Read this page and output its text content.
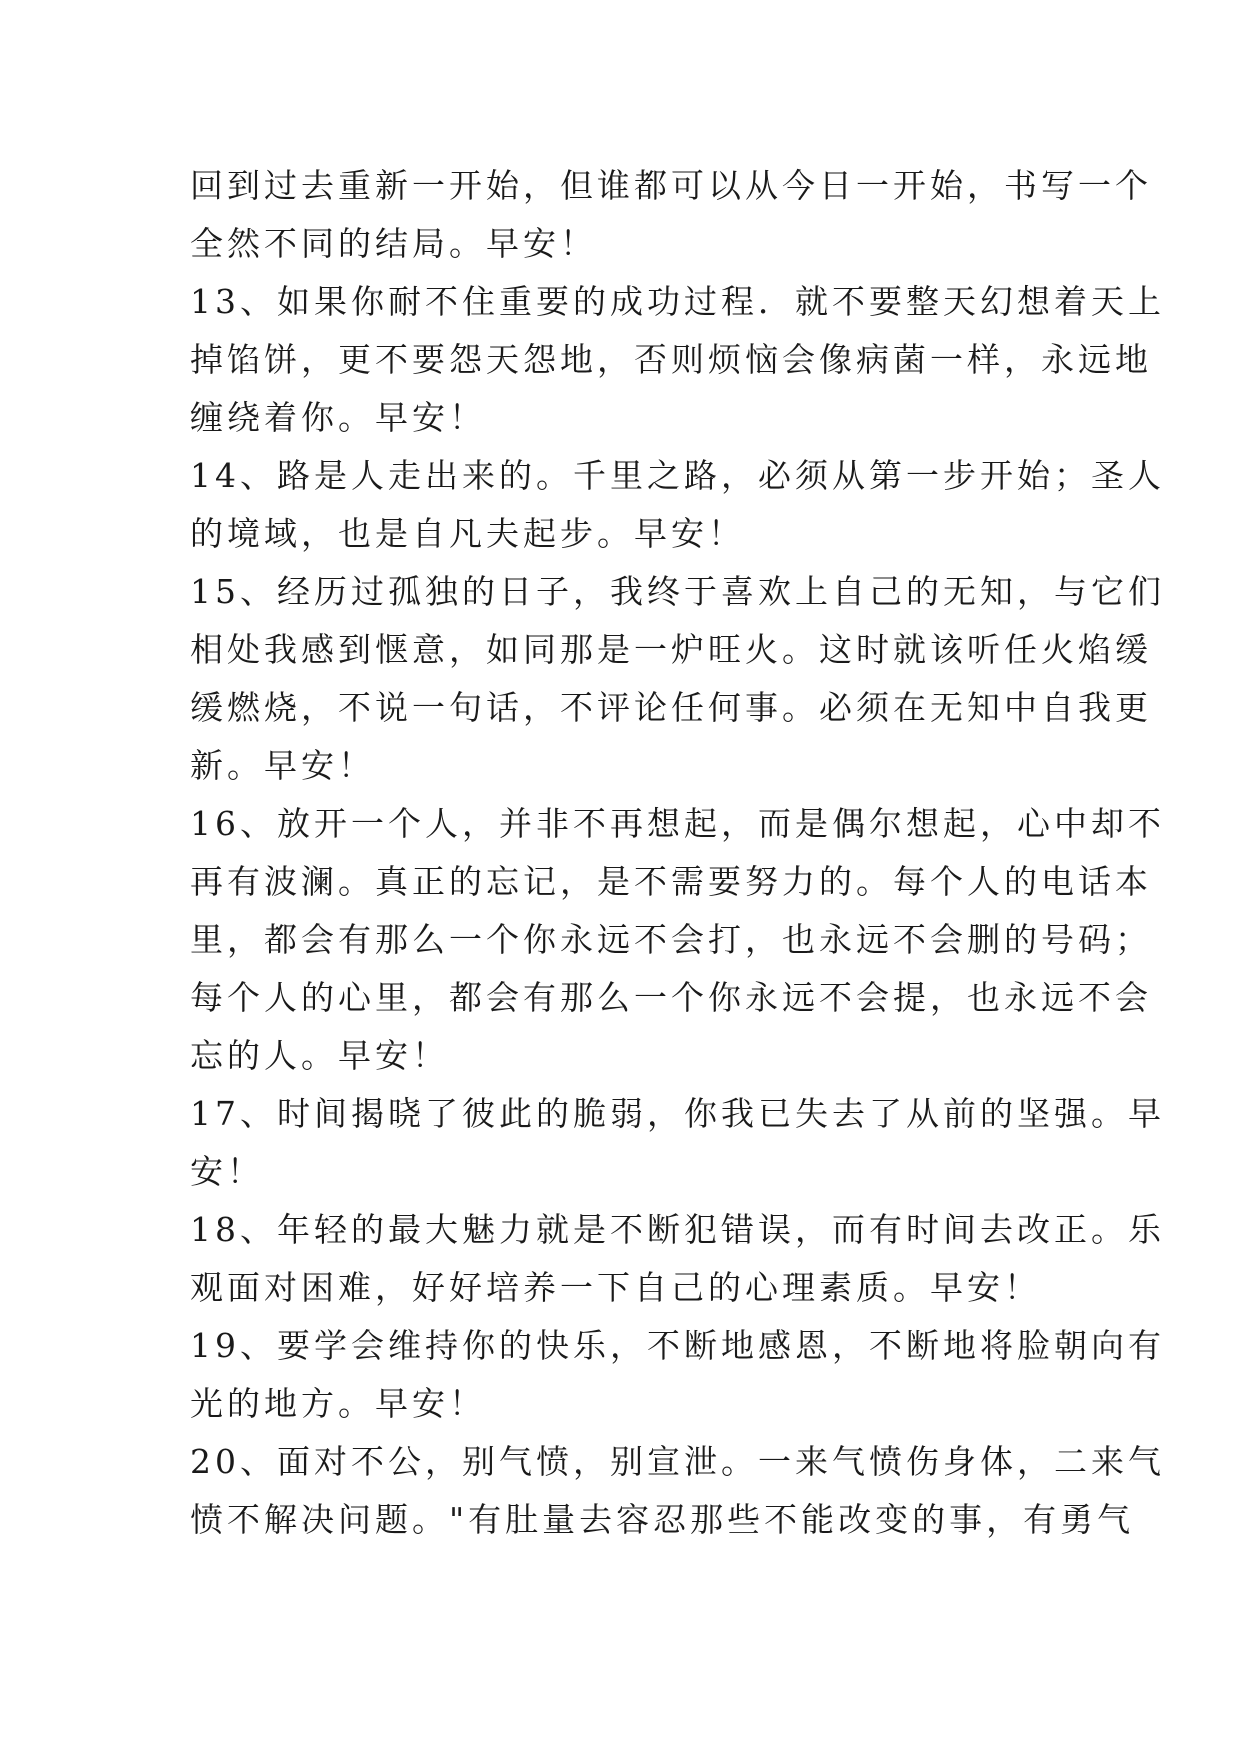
回到过去重新一开始，但谁都可以从今日一开始，书写一个
全然不同的结局。早安！
13、如果你耐不住重要的成功过程．就不要整天幻想着天上
掉馅饼，更不要怨天怨地，否则烦恼会像病菌一样，永远地
缠绕着你。早安！
14、路是人走出来的。千里之路，必须从第一步开始；圣人
的境域，也是自凡夫起步。早安！
15、经历过孤独的日子，我终于喜欢上自己的无知，与它们
相处我感到惬意，如同那是一炉旺火。这时就该听任火焰缓
缓燃烧，不说一句话，不评论任何事。必须在无知中自我更
新。早安！
16、放开一个人，并非不再想起，而是偶尔想起，心中却不
再有波澜。真正的忘记，是不需要努力的。每个人的电话本
里，都会有那么一个你永远不会打，也永远不会删的号码；
每个人的心里，都会有那么一个你永远不会提，也永远不会
忘的人。早安！
17、时间揭晓了彼此的脆弱，你我已失去了从前的坚强。早
安！
18、年轻的最大魅力就是不断犯错误，而有时间去改正。乐
观面对困难，好好培养一下自己的心理素质。早安！
19、要学会维持你的快乐，不断地感恩，不断地将脸朝向有
光的地方。早安！
20、面对不公，别气愤，别宣泄。一来气愤伤身体，二来气
愤不解决问题。"有肚量去容忍那些不能改变的事，有勇气
